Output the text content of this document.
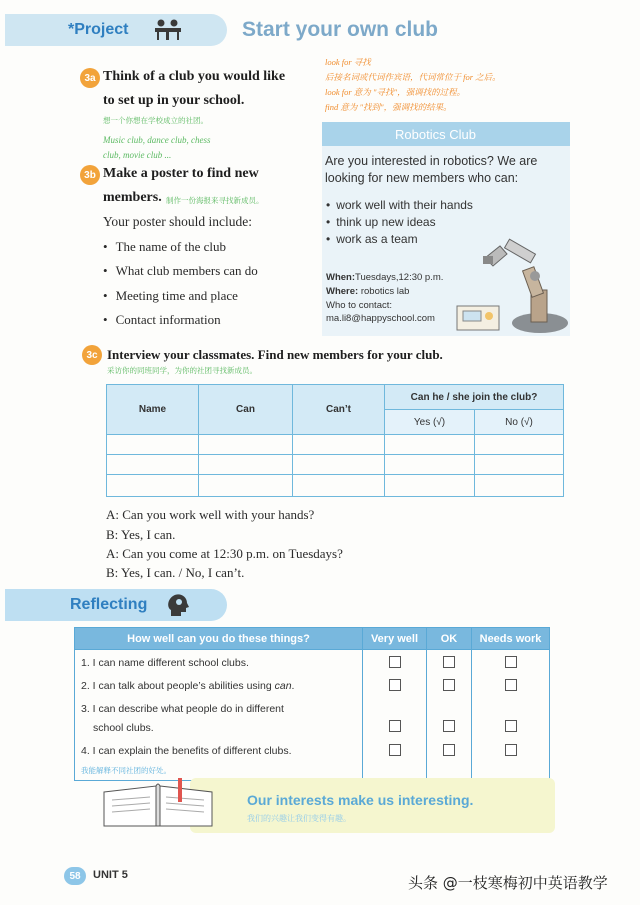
*Project	Start your own club
look for 寻找
后接名词或代词作宾语，代词常位于 for 之后。
look for 意为 "寻找"，强调找的过程。
find 意为 "找到"，强调找的结果。
3a Think of a club you would like
to set up in your school.
想一个你想在学校成立的社团。
Music club, dance club, chess
club, movie club ...
3b Make a poster to find new
members. 制作一份海报来寻找新成员。
Your poster should include:
• The name of the club
• What club members can do
• Meeting time and place
• Contact information
Robotics Club
Are you interested in robotics? We are looking for new members who can:
• work well with their hands
• think up new ideas
• work as a team
When:Tuesdays,12:30 p.m.
Where: robotics lab
Who to contact:
ma.li8@happyschool.com
3c Interview your classmates. Find new members for your club.
采访你的同班同学，为你的社团寻找新成员。
Name	Can	Can’t	Can he / she join the club?	
			Yes (√)	No (√)

A: Can you work well with your hands?
B: Yes, I can.
A: Can you come at 12:30 p.m. on Tuesdays?
B: Yes, I can. / No, I can’t.
Reflecting
How well can you do these things?	Very well	OK	Needs work
1. I can name different school clubs.			
2. I can talk about people’s abilities using can.			

3. I can describe what people do in different
school clubs.			

4. I can explain the benefits of different clubs.
我能解释不同社团的好处。			

Our interests make us interesting.
我们的兴趣让我们变得有趣。
58	UNIT 5	头条 @一枝寒梅初中英语教学
